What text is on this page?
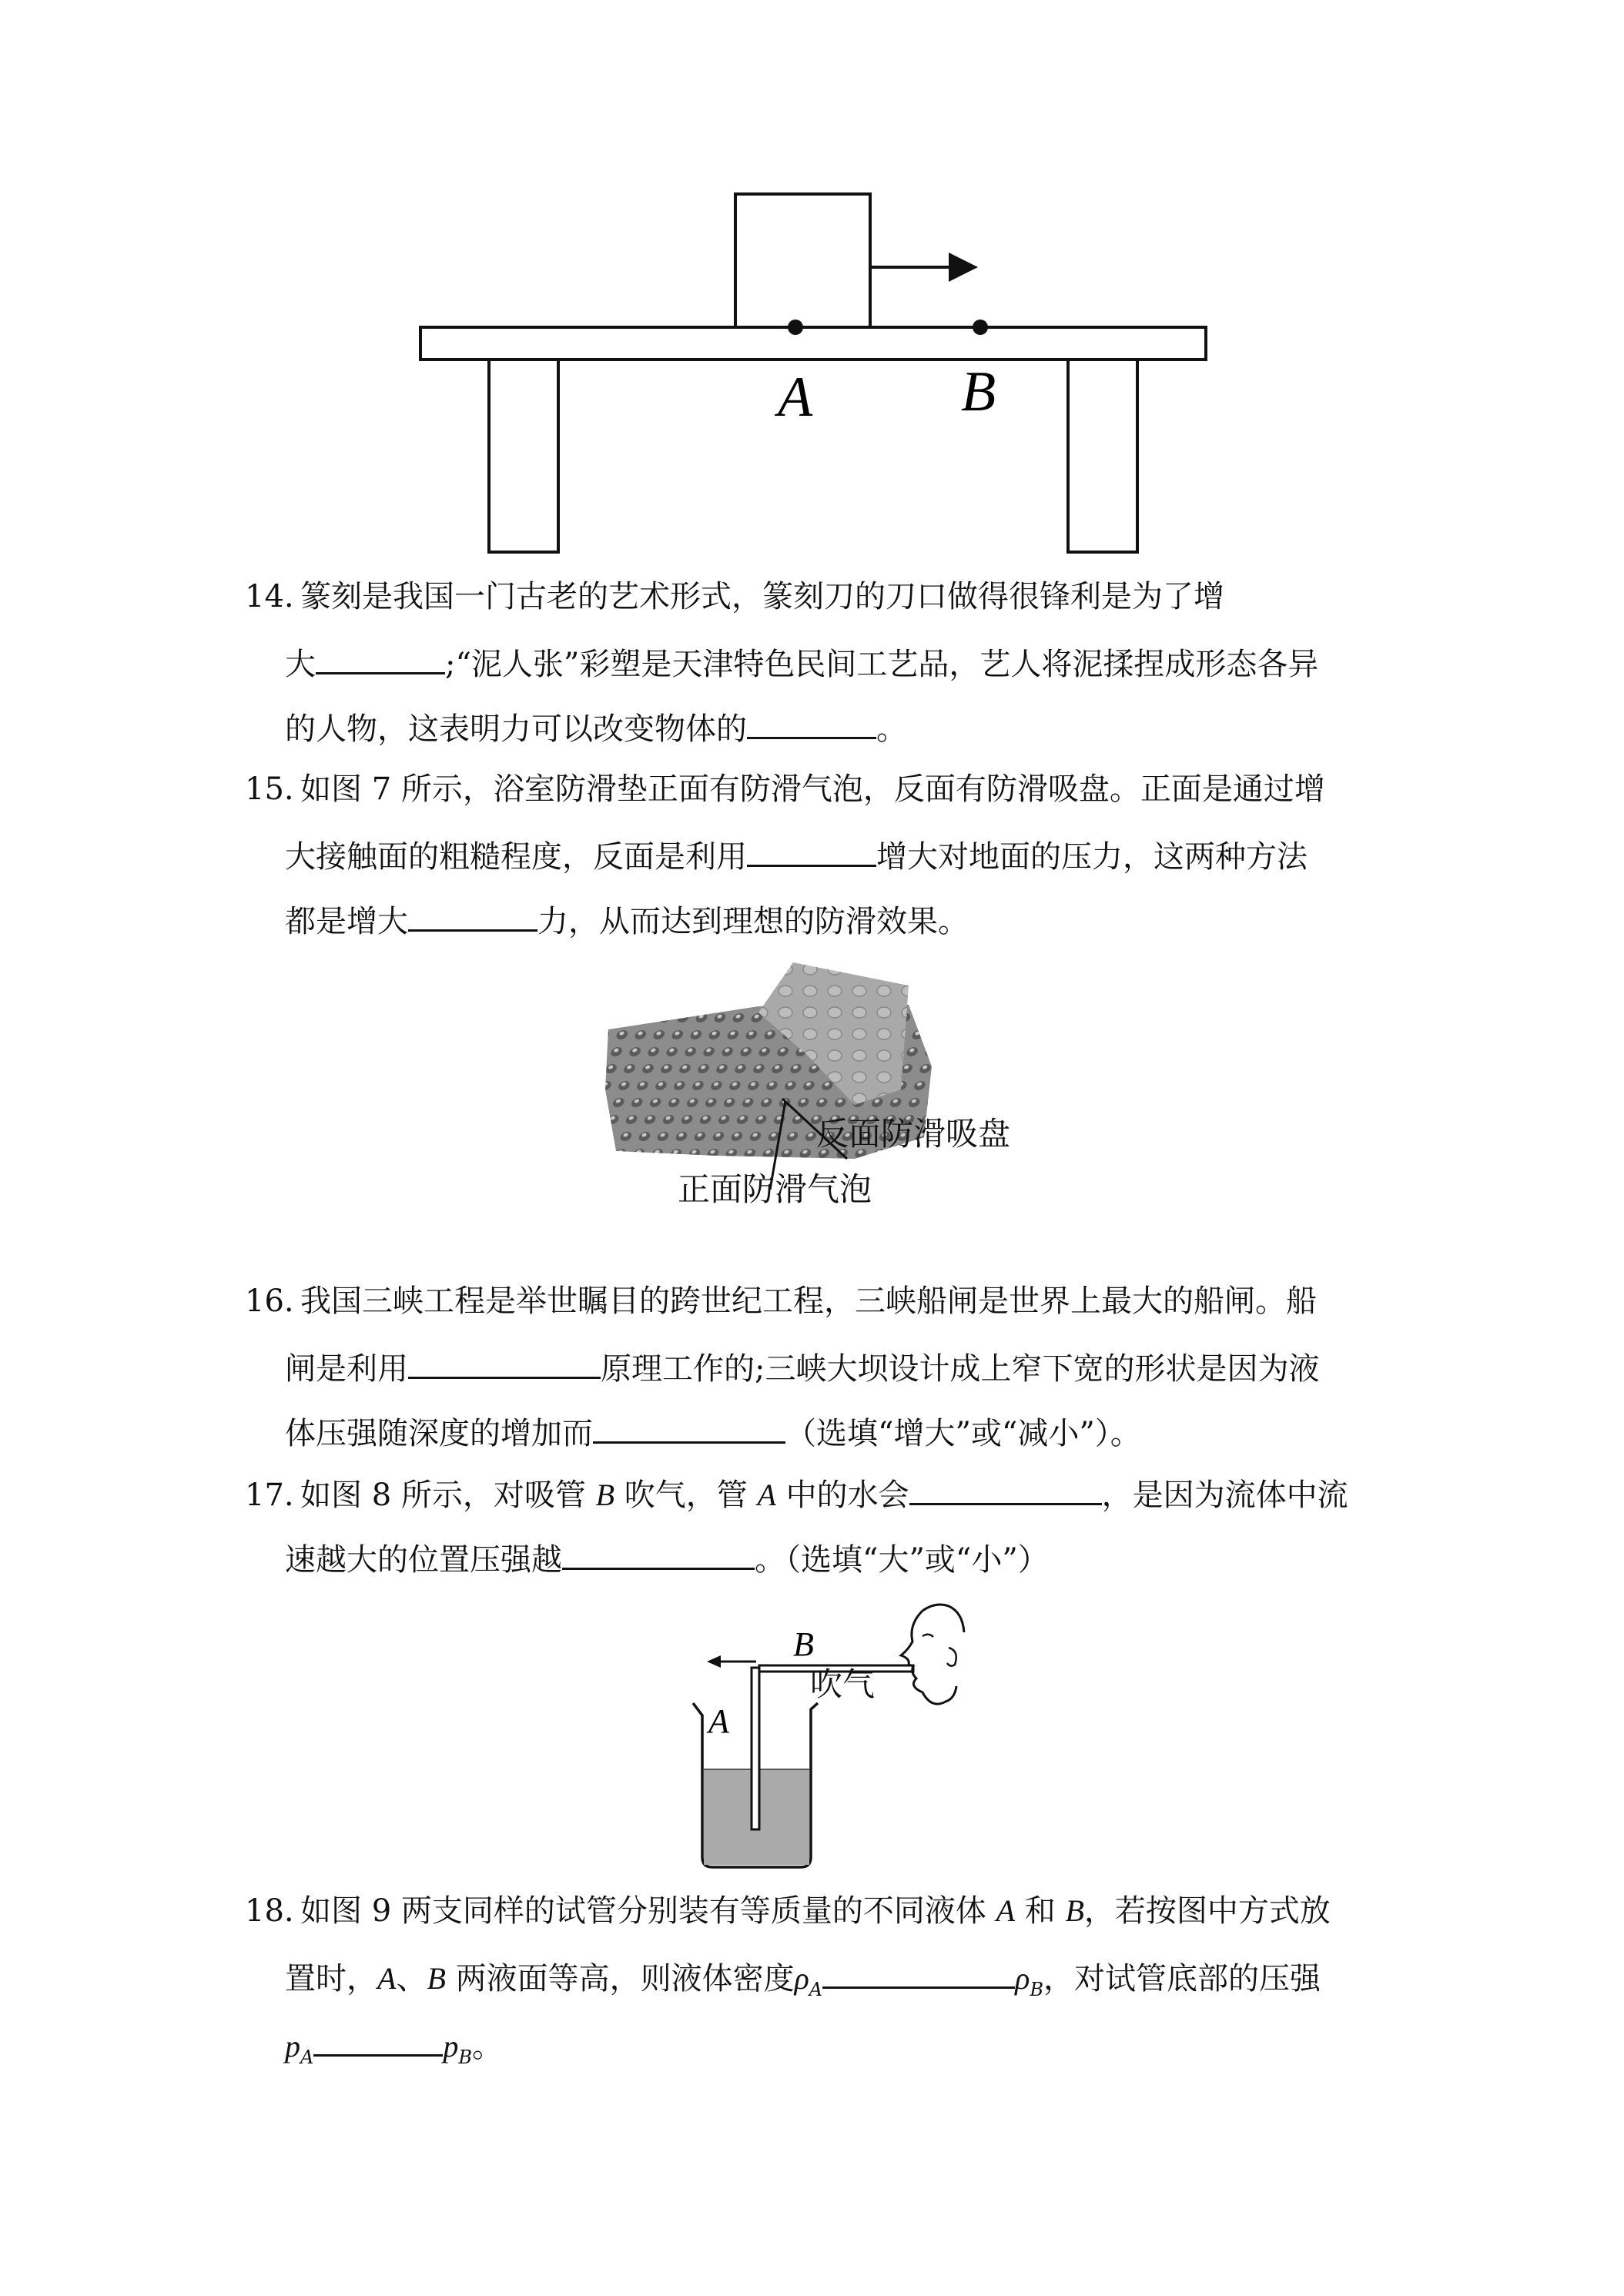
A	B
14. 篆刻是我国一门古老的艺术形式，篆刻刀的刀口做得很锋利是为了增
大	;“泥人张”彩塑是天津特色民间工艺品，艺人将泥揉捏成形态各异
的人物，这表明力可以改变物体的	。
15. 如图 7 所示，浴室防滑垫正面有防滑气泡，反面有防滑吸盘。正面是通过增
大接触面的粗糙程度，反面是利用	增大对地面的压力，这两种方法
都是增大	力，从而达到理想的防滑效果。
反面防滑吸盘
正面防滑气泡
16. 我国三峡工程是举世瞩目的跨世纪工程，三峡船闸是世界上最大的船闸。船
闸是利用	原理工作的;三峡大坝设计成上窄下宽的形状是因为液
体压强随深度的增加而	（选填“增大”或“减小”）。
17. 如图 8 所示，对吸管 B 吹气，管 A 中的水会	，是因为流体中流
速越大的位置压强越	。（选填“大”或“小”）
B
A
吹气
18. 如图 9 两支同样的试管分别装有等质量的不同液体 A 和 B，若按图中方式放
置时，A、B 两液面等高，则液体密度$\rho_A$	$\rho_B$，对试管底部的压强
$p_A$	$p_B$。
